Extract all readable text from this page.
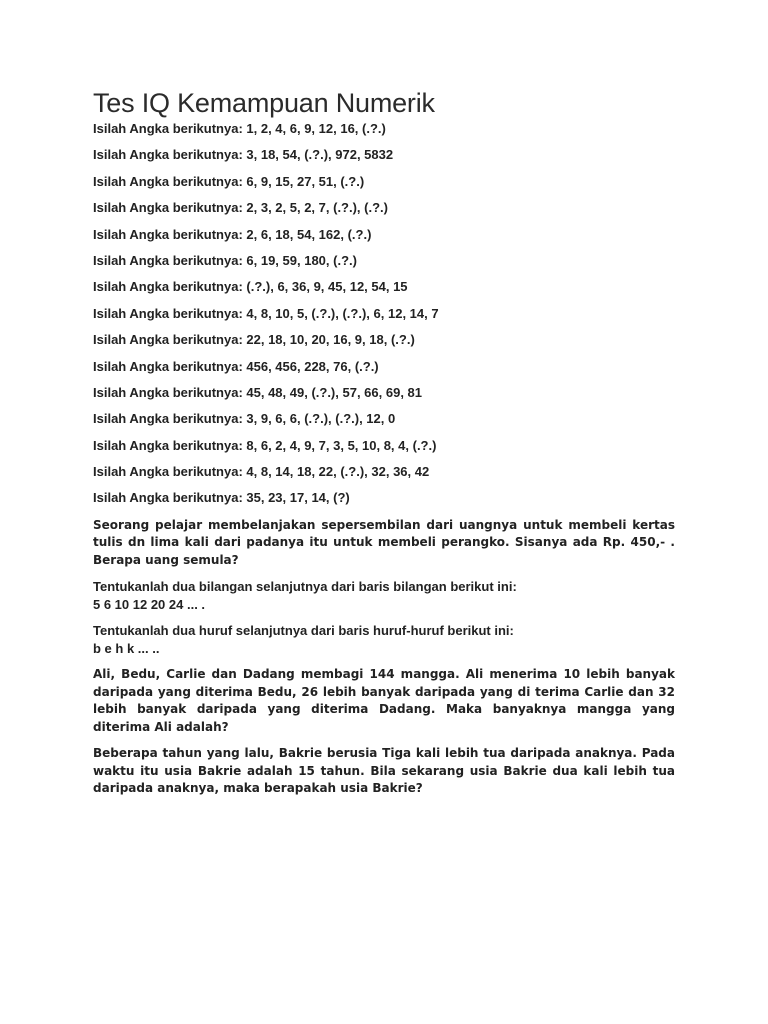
Tes IQ Kemampuan Numerik
Isilah Angka berikutnya: 1, 2, 4, 6, 9, 12, 16, (.?.)
Isilah Angka berikutnya: 3, 18, 54, (.?.), 972, 5832
Isilah Angka berikutnya: 6, 9, 15, 27, 51, (.?.)
Isilah Angka berikutnya: 2, 3, 2, 5, 2, 7, (.?.), (.?.)
Isilah Angka berikutnya: 2, 6, 18, 54, 162, (.?.)
Isilah Angka berikutnya: 6, 19, 59, 180, (.?.)
Isilah Angka berikutnya: (.?.), 6, 36, 9, 45, 12, 54, 15
Isilah Angka berikutnya: 4, 8, 10, 5, (.?.), (.?.), 6, 12, 14, 7
Isilah Angka berikutnya: 22, 18, 10, 20, 16, 9, 18, (.?.)
Isilah Angka berikutnya: 456, 456, 228, 76, (.?.)
Isilah Angka berikutnya: 45, 48, 49, (.?.), 57, 66, 69, 81
Isilah Angka berikutnya: 3, 9, 6, 6, (.?.), (.?.), 12, 0
Isilah Angka berikutnya: 8, 6, 2, 4, 9, 7, 3, 5, 10, 8, 4, (.?.)
Isilah Angka berikutnya: 4, 8, 14, 18, 22, (.?.), 32, 36, 42
Isilah Angka berikutnya: 35, 23, 17, 14, (?)

Seorang pelajar membelanjakan sepersembilan dari uangnya untuk membeli kertas tulis dn lima kali dari padanya itu untuk membeli perangko. Sisanya ada Rp. 450,- . Berapa uang semula?

Tentukanlah dua bilangan selanjutnya dari baris bilangan berikut ini:
5 6 10 12 20 24 ... .

Tentukanlah dua huruf selanjutnya dari baris huruf-huruf berikut ini:
b e h k ... ..

Ali, Bedu, Carlie dan Dadang membagi 144 mangga. Ali menerima 10 lebih banyak daripada yang diterima Bedu, 26 lebih banyak daripada yang di terima Carlie dan 32 lebih banyak daripada yang diterima Dadang. Maka banyaknya mangga yang diterima Ali adalah?

Beberapa tahun yang lalu, Bakrie berusia Tiga kali lebih tua daripada anaknya. Pada waktu itu usia Bakrie adalah 15 tahun. Bila sekarang usia Bakrie dua kali lebih tua daripada anaknya, maka berapakah usia Bakrie?
